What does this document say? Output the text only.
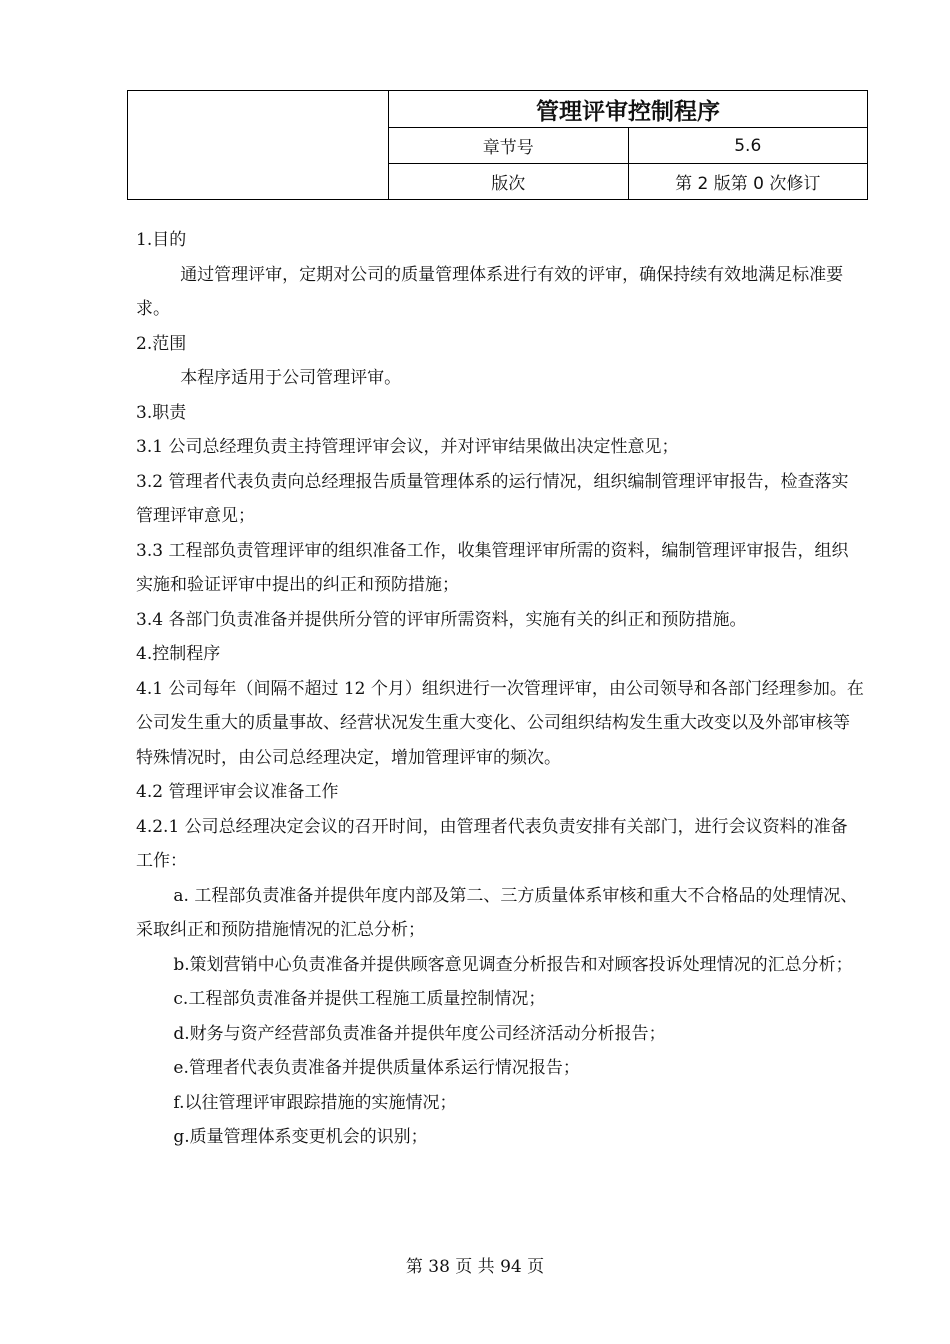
	管理评审控制程序	
	章节号	5.6
	版次	第 2 版第 0 次修订

1.目的

通过管理评审，定期对公司的质量管理体系进行有效的评审，确保持续有效地满足标准要求。

2.范围

本程序适用于公司管理评审。

3.职责

3.1 公司总经理负责主持管理评审会议，并对评审结果做出决定性意见；

3.2 管理者代表负责向总经理报告质量管理体系的运行情况，组织编制管理评审报告，检查落实管理评审意见；

3.3 工程部负责管理评审的组织准备工作，收集管理评审所需的资料，编制管理评审报告，组织实施和验证评审中提出的纠正和预防措施；

3.4 各部门负责准备并提供所分管的评审所需资料，实施有关的纠正和预防措施。

4.控制程序

4.1 公司每年（间隔不超过 12 个月）组织进行一次管理评审，由公司领导和各部门经理参加。在公司发生重大的质量事故、经营状况发生重大变化、公司组织结构发生重大改变以及外部审核等特殊情况时，由公司总经理决定，增加管理评审的频次。

4.2 管理评审会议准备工作

4.2.1 公司总经理决定会议的召开时间，由管理者代表负责安排有关部门，进行会议资料的准备工作：

a. 工程部负责准备并提供年度内部及第二、三方质量体系审核和重大不合格品的处理情况、采取纠正和预防措施情况的汇总分析；

b.策划营销中心负责准备并提供顾客意见调查分析报告和对顾客投诉处理情况的汇总分析；

c.工程部负责准备并提供工程施工质量控制情况；

d.财务与资产经营部负责准备并提供年度公司经济活动分析报告；

e.管理者代表负责准备并提供质量体系运行情况报告；

f.以往管理评审跟踪措施的实施情况；

g.质量管理体系变更机会的识别；

第 38 页 共 94 页
